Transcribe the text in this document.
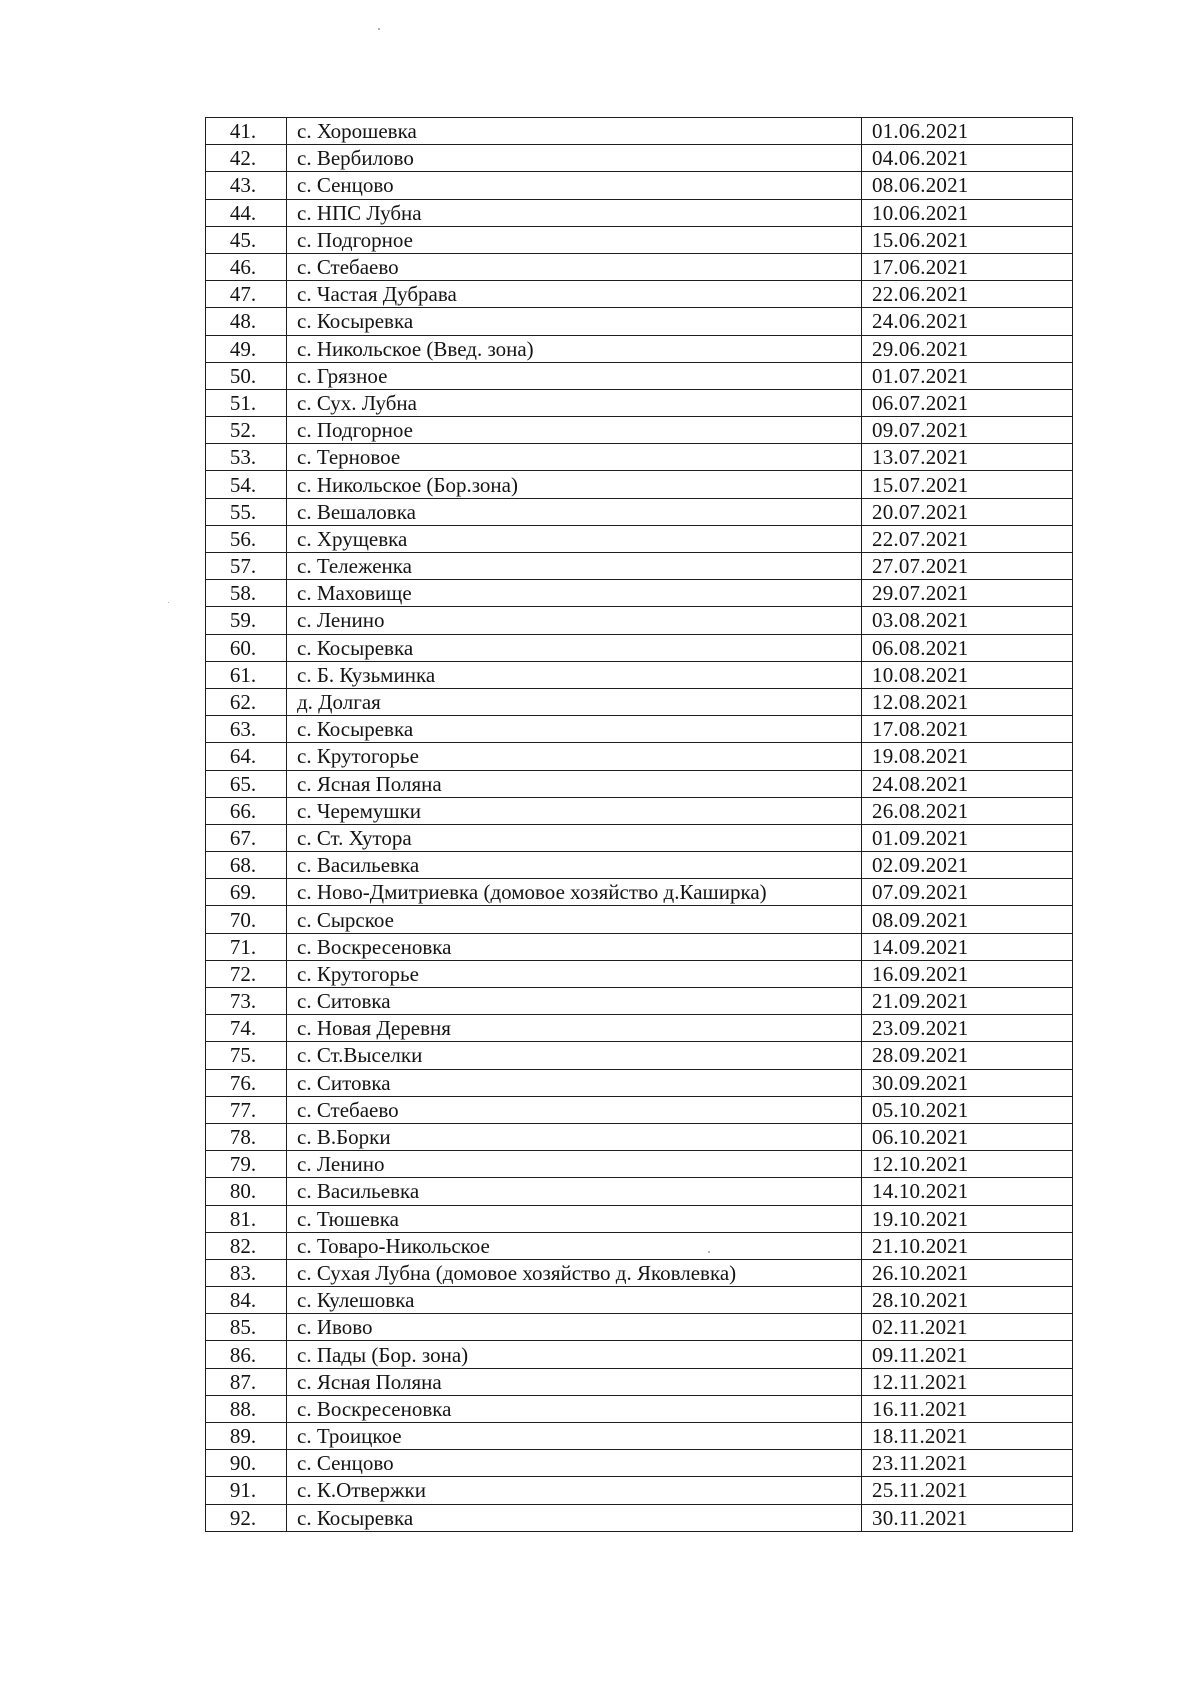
41.	с. Хорошевка	01.06.2021
42.	с. Вербилово	04.06.2021
43.	с. Сенцово	08.06.2021
44.	с. НПС Лубна	10.06.2021
45.	с. Подгорное	15.06.2021
46.	с. Стебаево	17.06.2021
47.	с. Частая Дубрава	22.06.2021
48.	с. Косыревка	24.06.2021
49.	с. Никольское (Введ. зона)	29.06.2021
50.	с. Грязное	01.07.2021
51.	с. Сух. Лубна	06.07.2021
52.	с. Подгорное	09.07.2021
53.	с. Терновое	13.07.2021
54.	с. Никольское (Бор.зона)	15.07.2021
55.	с. Вешаловка	20.07.2021
56.	с. Хрущевка	22.07.2021
57.	с. Тележенка	27.07.2021
58.	с. Маховище	29.07.2021
59.	с. Ленино	03.08.2021
60.	с. Косыревка	06.08.2021
61.	с. Б. Кузьминка	10.08.2021
62.	д. Долгая	12.08.2021
63.	с. Косыревка	17.08.2021
64.	с. Крутогорье	19.08.2021
65.	с. Ясная Поляна	24.08.2021
66.	с. Черемушки	26.08.2021
67.	с. Ст. Хутора	01.09.2021
68.	с. Васильевка	02.09.2021
69.	с. Ново-Дмитриевка (домовое хозяйство д.Каширка)	07.09.2021
70.	с. Сырское	08.09.2021
71.	с. Воскресеновка	14.09.2021
72.	с. Крутогорье	16.09.2021
73.	с. Ситовка	21.09.2021
74.	с. Новая Деревня	23.09.2021
75.	с. Ст.Выселки	28.09.2021
76.	с. Ситовка	30.09.2021
77.	с. Стебаево	05.10.2021
78.	с. В.Борки	06.10.2021
79.	с. Ленино	12.10.2021
80.	с. Васильевка	14.10.2021
81.	с. Тюшевка	19.10.2021
82.	с. Товаро-Никольское	21.10.2021
83.	с. Сухая Лубна (домовое хозяйство д. Яковлевка)	26.10.2021
84.	с. Кулешовка	28.10.2021
85.	с. Ивово	02.11.2021
86.	с. Пады (Бор. зона)	09.11.2021
87.	с. Ясная Поляна	12.11.2021
88.	с. Воскресеновка	16.11.2021
89.	с. Троицкое	18.11.2021
90.	с. Сенцово	23.11.2021
91.	с. К.Отвержки	25.11.2021
92.	с. Косыревка	30.11.2021
